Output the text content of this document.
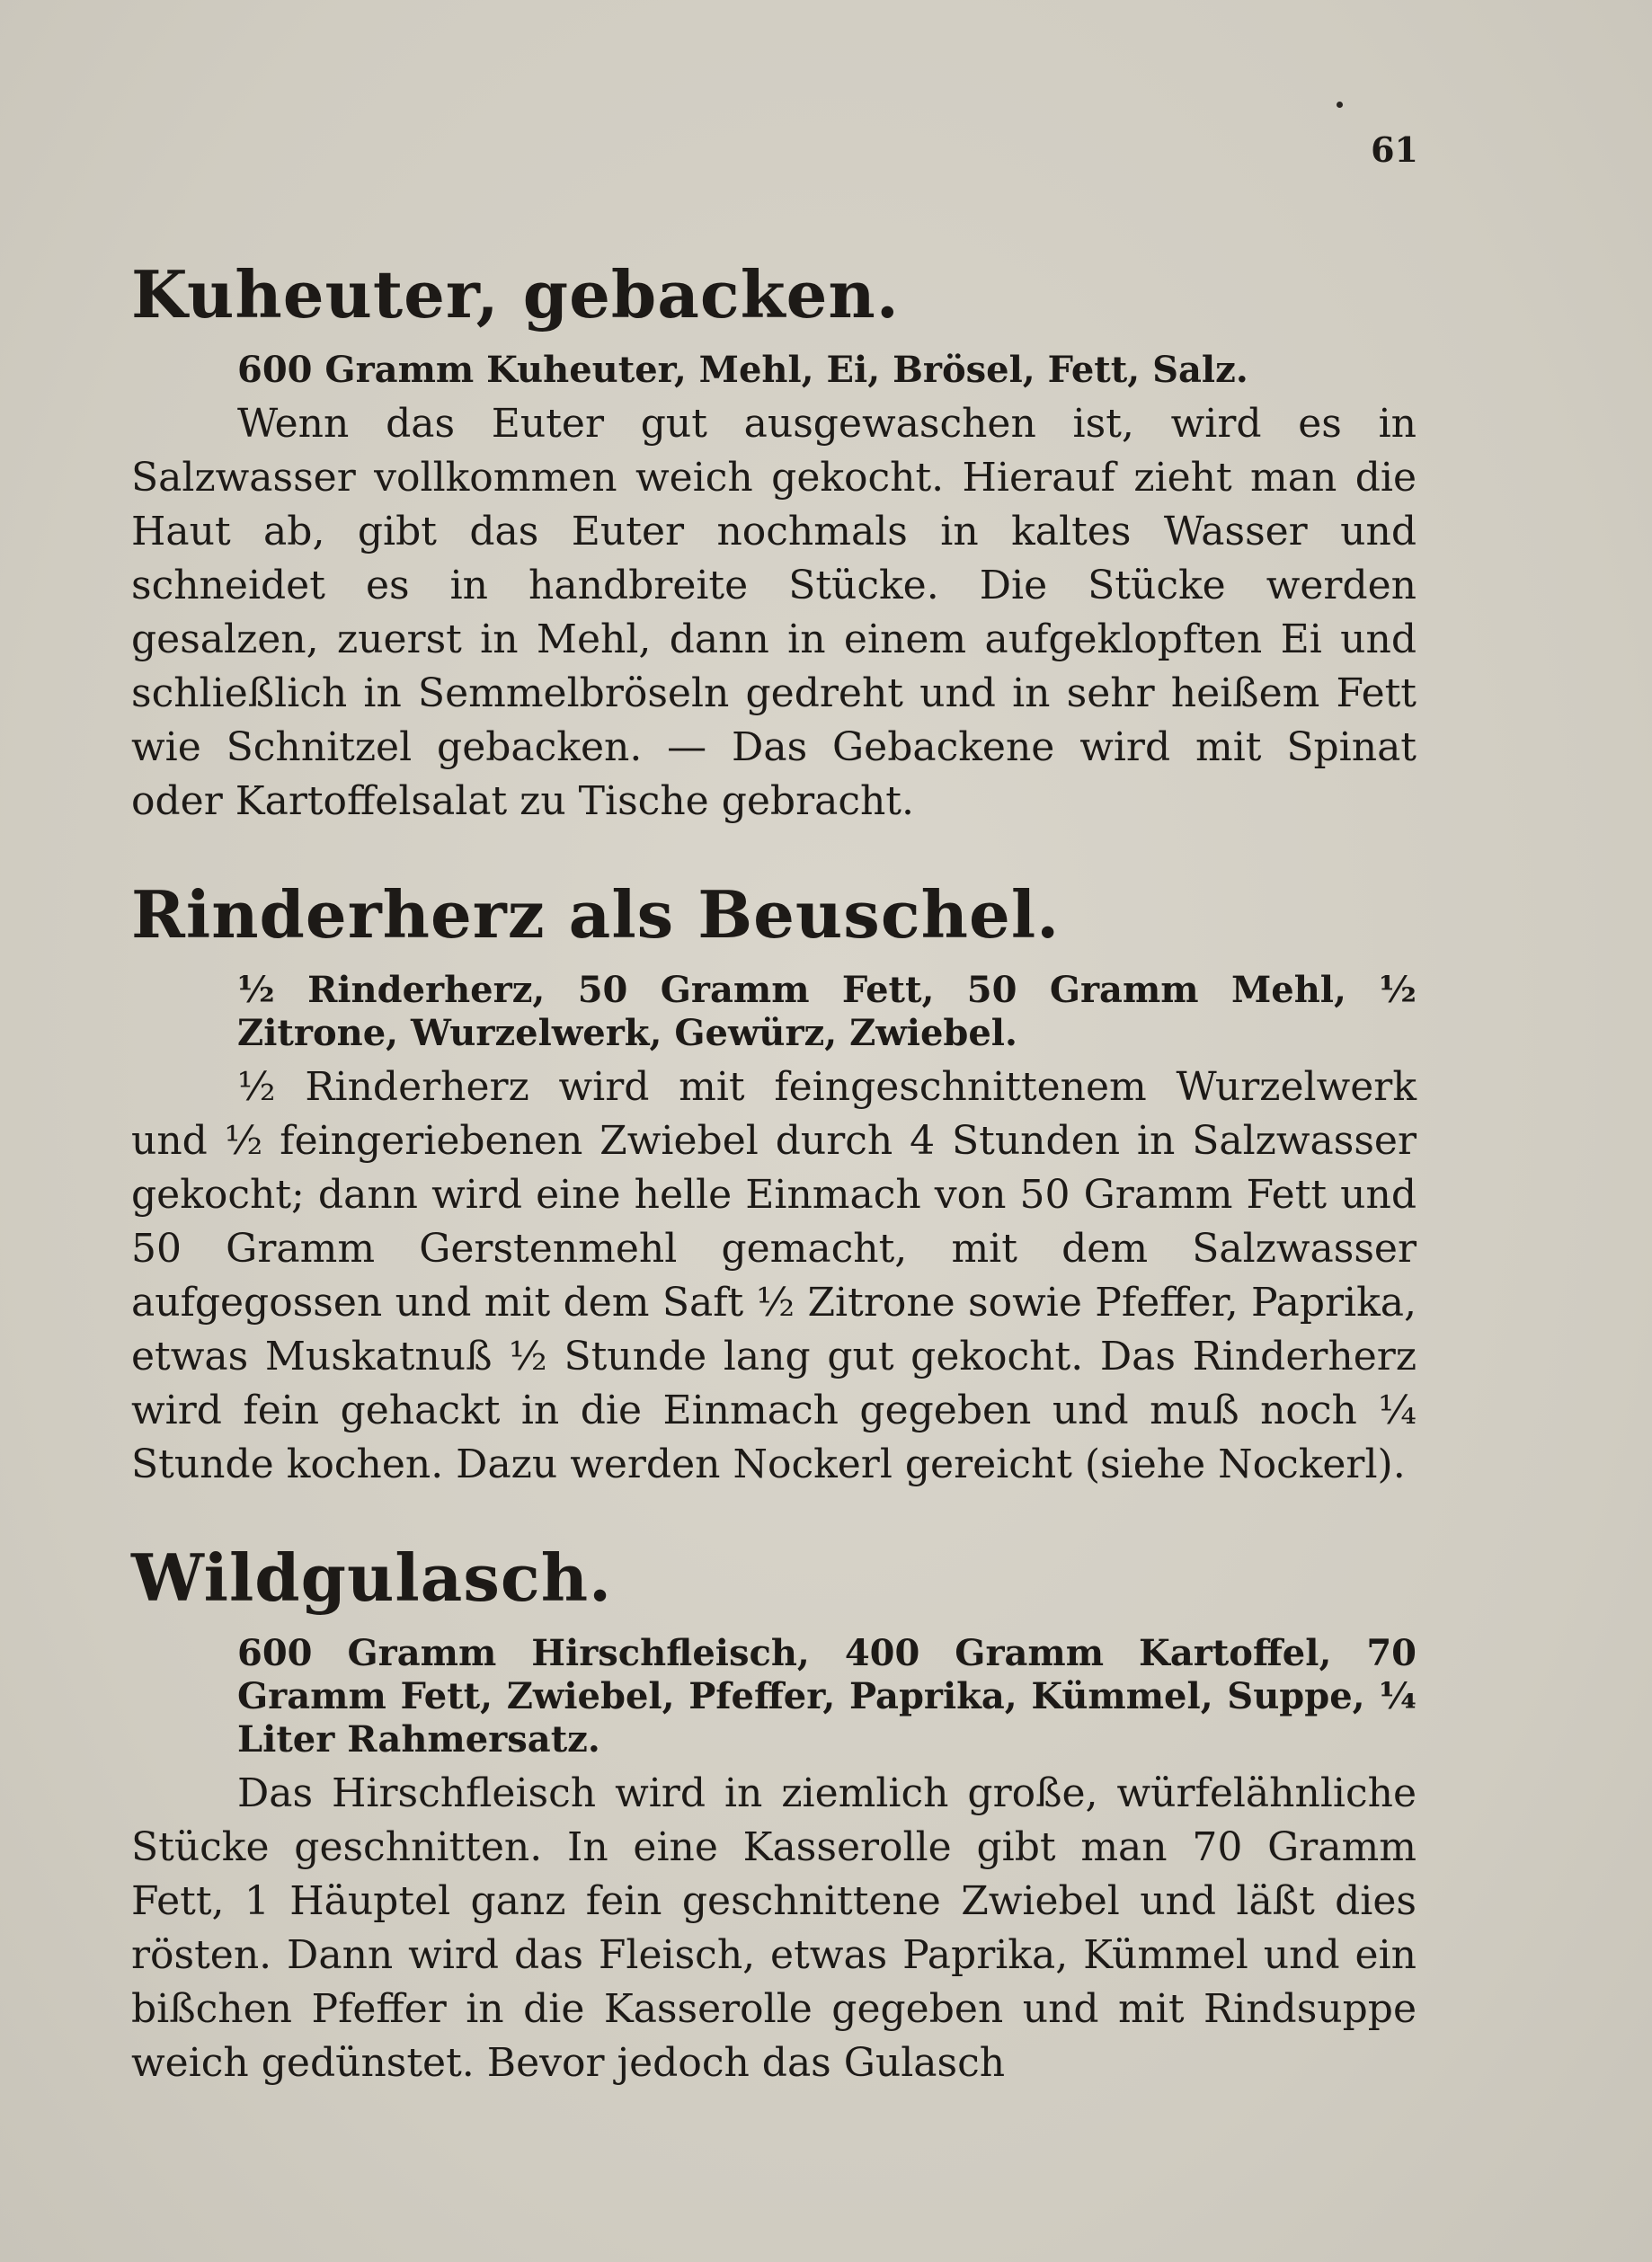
61
Kuheuter, gebacken.

600 Gramm Kuheuter, Mehl, Ei, Brösel, Fett, Salz.

Wenn das Euter gut ausgewaschen ist, wird es in Salzwasser vollkommen weich gekocht. Hierauf zieht man die Haut ab, gibt das Euter nochmals in kaltes Wasser und schneidet es in handbreite Stücke. Die Stücke werden gesalzen, zuerst in Mehl, dann in einem aufgeklopften Ei und schließlich in Semmelbröseln gedreht und in sehr heißem Fett wie Schnitzel gebacken. — Das Gebackene wird mit Spinat oder Kartoffelsalat zu Tische gebracht.

Rinderherz als Beuschel.

½ Rinderherz, 50 Gramm Fett, 50 Gramm Mehl, ½ Zitrone, Wurzelwerk, Gewürz, Zwiebel.

½ Rinderherz wird mit feingeschnittenem Wurzelwerk und ½ feingeriebenen Zwiebel durch 4 Stunden in Salzwasser gekocht; dann wird eine helle Einmach von 50 Gramm Fett und 50 Gramm Gerstenmehl gemacht, mit dem Salzwasser aufgegossen und mit dem Saft ½ Zitrone sowie Pfeffer, Paprika, etwas Muskatnuß ½ Stunde lang gut gekocht. Das Rinderherz wird fein gehackt in die Einmach gegeben und muß noch ¼ Stunde kochen. Dazu werden Nockerl gereicht (siehe Nockerl).

Wildgulasch.

600 Gramm Hirschfleisch, 400 Gramm Kartoffel, 70 Gramm Fett, Zwiebel, Pfeffer, Paprika, Kümmel, Suppe, ¼ Liter Rahmersatz.

Das Hirschfleisch wird in ziemlich große, würfelähnliche Stücke geschnitten. In eine Kasserolle gibt man 70 Gramm Fett, 1 Häuptel ganz fein geschnittene Zwiebel und läßt dies rösten. Dann wird das Fleisch, etwas Paprika, Kümmel und ein bißchen Pfeffer in die Kasserolle gegeben und mit Rindsuppe weich gedünstet. Bevor jedoch das Gulasch
